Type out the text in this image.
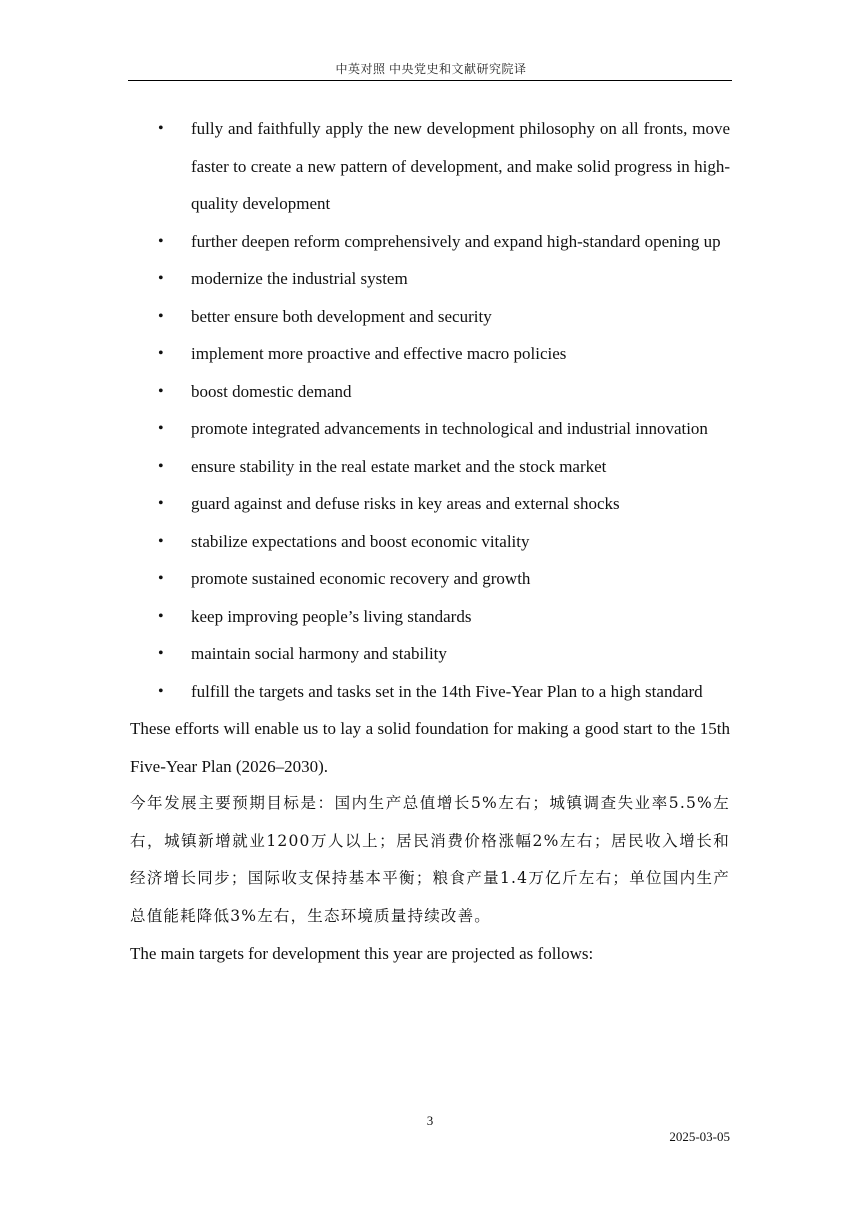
中英对照 中央党史和文献研究院译
• fully and faithfully apply the new development philosophy on all fronts, move faster to create a new pattern of development, and make solid progress in high-quality development
• further deepen reform comprehensively and expand high-standard opening up
• modernize the industrial system
• better ensure both development and security
• implement more proactive and effective macro policies
• boost domestic demand
• promote integrated advancements in technological and industrial innovation
• ensure stability in the real estate market and the stock market
• guard against and defuse risks in key areas and external shocks
• stabilize expectations and boost economic vitality
• promote sustained economic recovery and growth
• keep improving people’s living standards
• maintain social harmony and stability
• fulfill the targets and tasks set in the 14th Five-Year Plan to a high standard

These efforts will enable us to lay a solid foundation for making a good start to the 15th Five-Year Plan (2026–2030).

今年发展主要预期目标是：国内生产总值增长5%左右；城镇调查失业率5.5%左右，城镇新增就业1200万人以上；居民消费价格涨幅2%左右；居民收入增长和经济增长同步；国际收支保持基本平衡；粮食产量1.4万亿斤左右；单位国内生产总值能耗降低3%左右，生态环境质量持续改善。

The main targets for development this year are projected as follows:

3
2025-03-05
